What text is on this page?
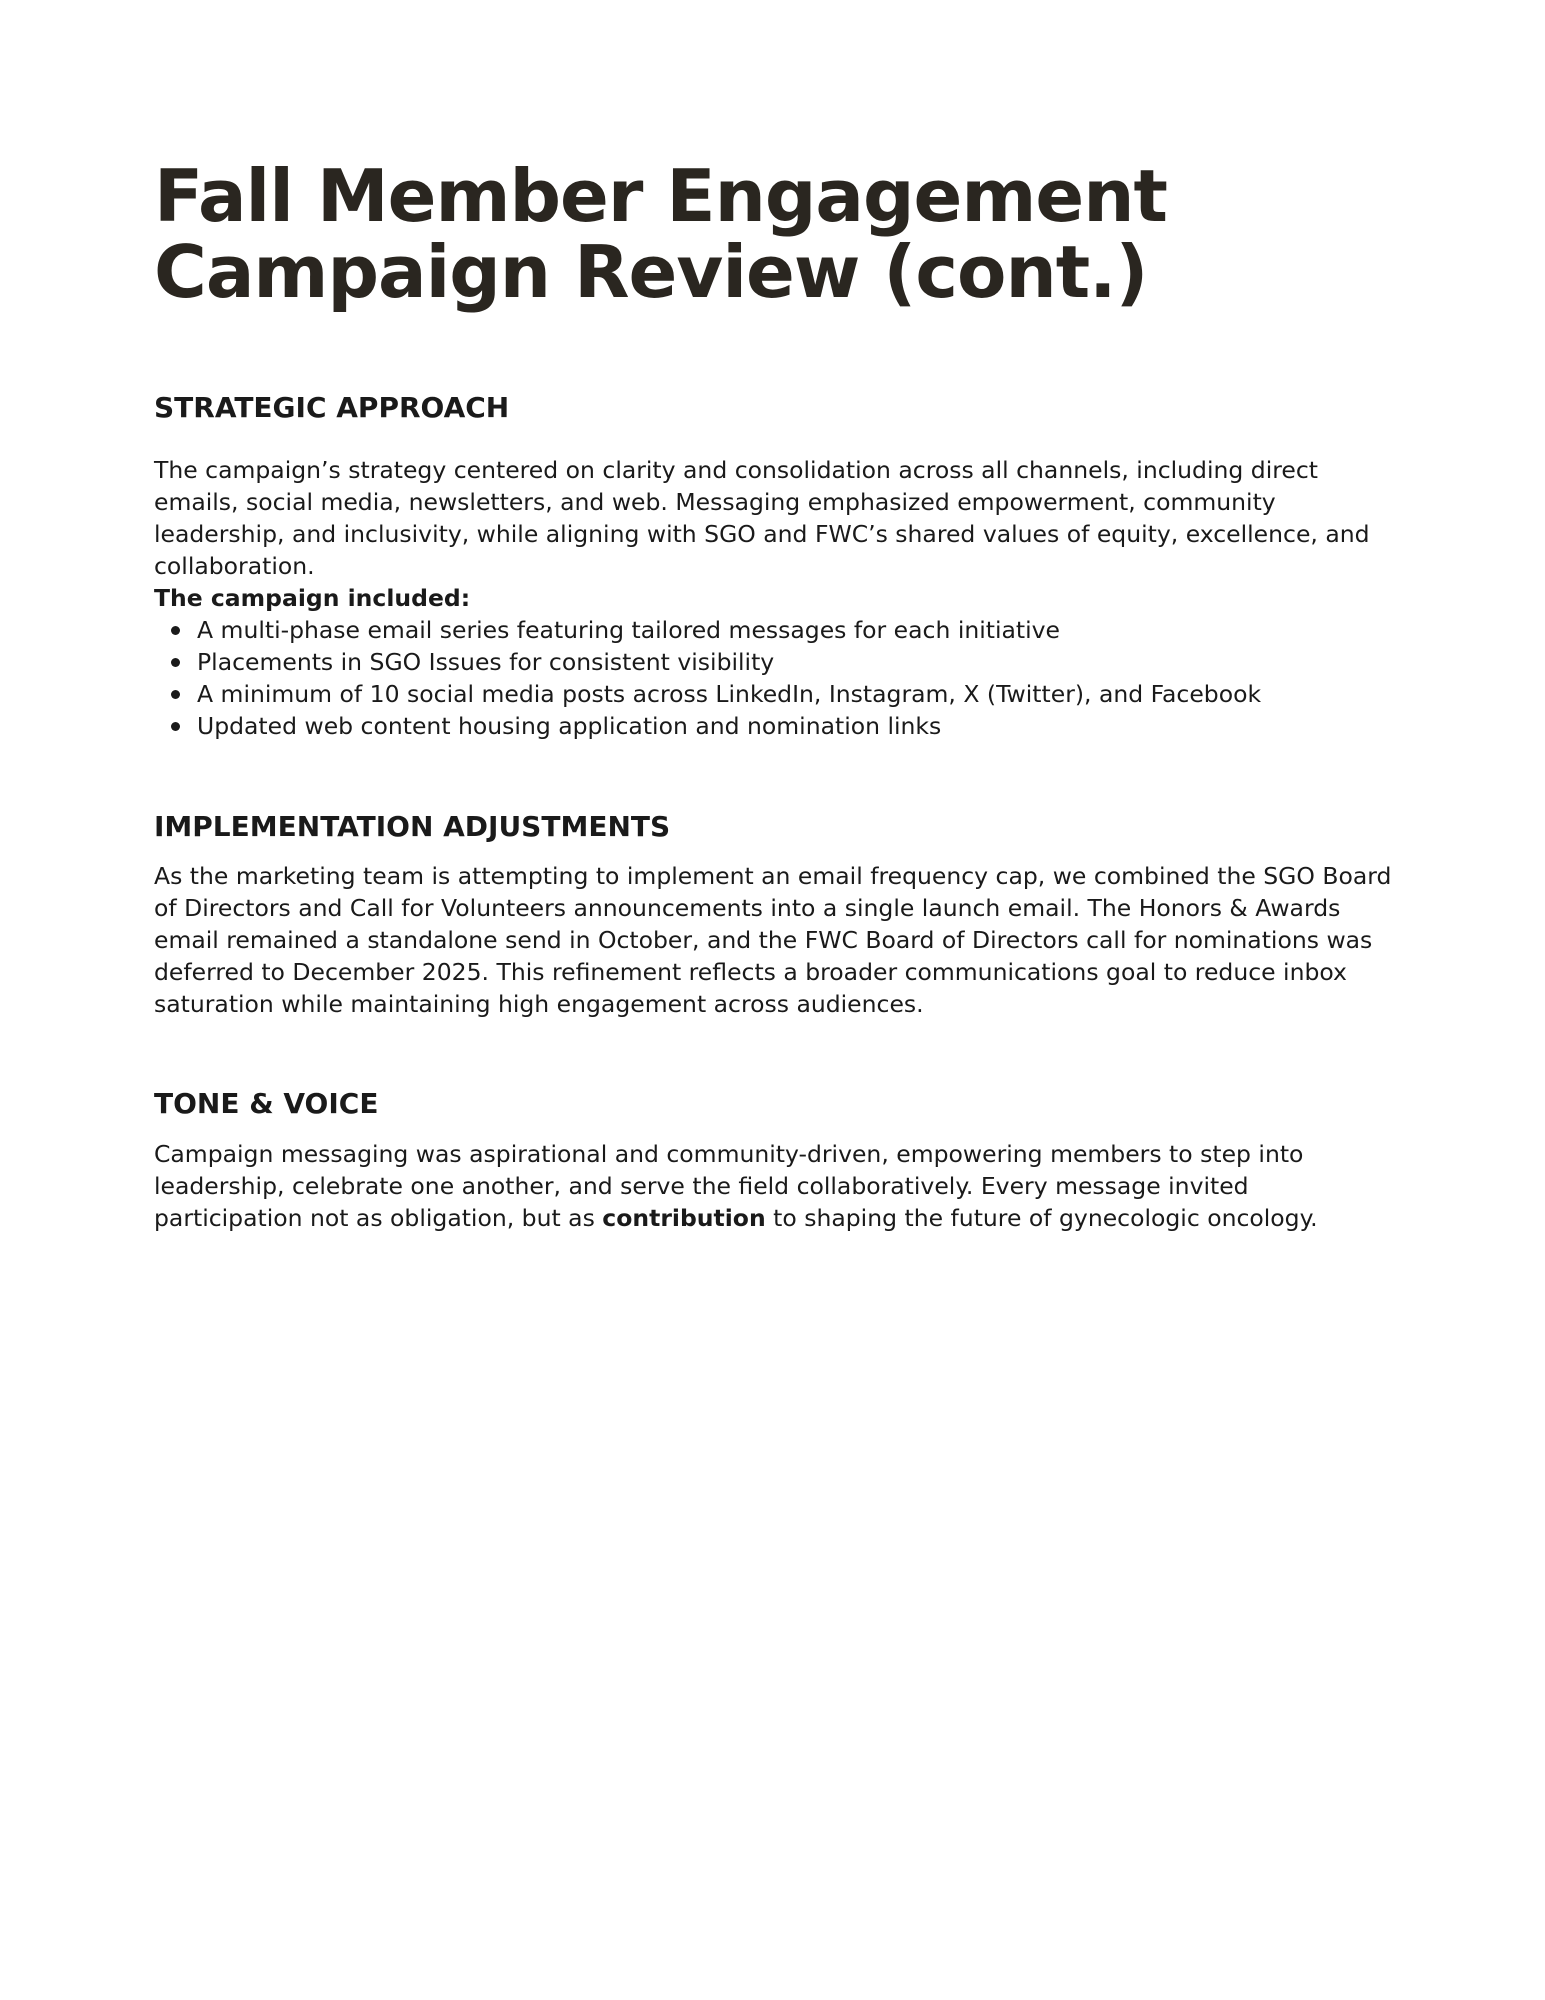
Fall Member Engagement
Campaign Review (cont.)
STRATEGIC APPROACH

The campaign’s strategy centered on clarity and consolidation across all channels, including direct emails, social media, newsletters, and web. Messaging emphasized empowerment, community leadership, and inclusivity, while aligning with SGO and FWC’s shared values of equity, excellence, and collaboration.

The campaign included:

A multi-phase email series featuring tailored messages for each initiative
Placements in SGO Issues for consistent visibility
A minimum of 10 social media posts across LinkedIn, Instagram, X (Twitter), and Facebook
Updated web content housing application and nomination links
IMPLEMENTATION ADJUSTMENTS

As the marketing team is attempting to implement an email frequency cap, we combined the SGO Board of Directors and Call for Volunteers announcements into a single launch email. The Honors & Awards email remained a standalone send in October, and the FWC Board of Directors call for nominations was deferred to December 2025. This refinement reflects a broader communications goal to reduce inbox saturation while maintaining high engagement across audiences.

TONE & VOICE

Campaign messaging was aspirational and community-driven, empowering members to step into leadership, celebrate one another, and serve the field collaboratively. Every message invited participation not as obligation, but as contribution to shaping the future of gynecologic oncology.
